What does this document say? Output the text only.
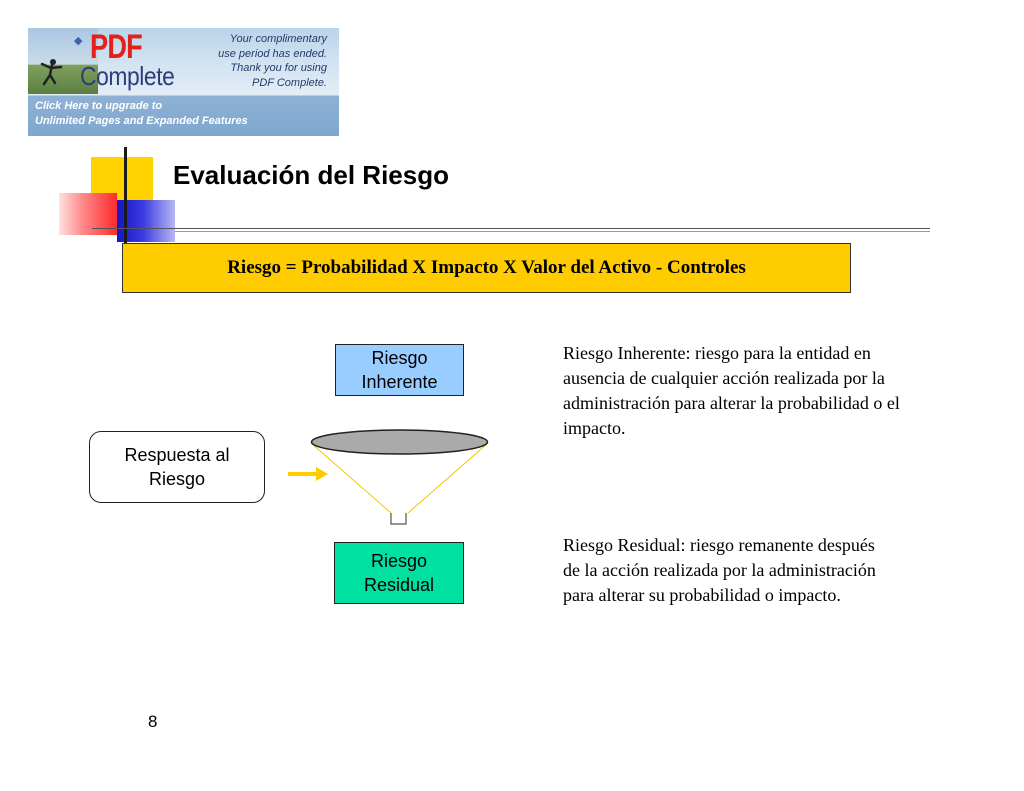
◆ PDF
Complete
Your complimentary
use period has ended.
Thank you for using
PDF Complete.
Click Here to upgrade to
Unlimited Pages and Expanded Features
Evaluación del Riesgo
Riesgo = Probabilidad X Impacto X Valor del Activo - Controles
Riesgo
Inherente
Respuesta al
Riesgo
Riesgo
Residual
Riesgo Inherente: riesgo para la entidad en ausencia de cualquier acción realizada por la administración para alterar la probabilidad o el impacto.
Riesgo Residual: riesgo remanente después de la acción realizada por la administración para alterar su probabilidad o impacto.
8
